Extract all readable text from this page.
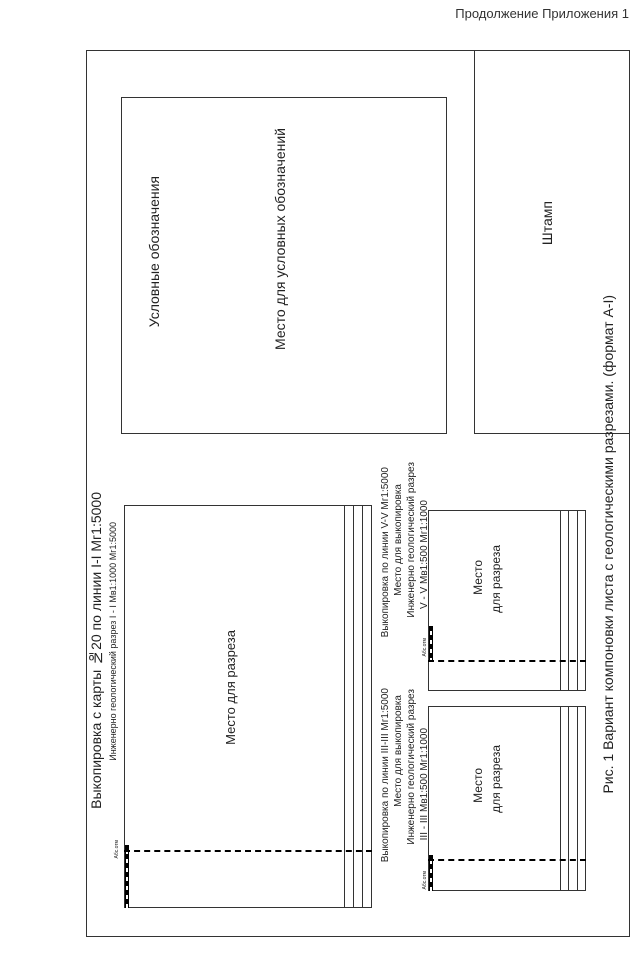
Продолжение Приложения 1
Штамп
Условные обозначения	Место для условных обозначений
Рис. 1 Вариант компоновки листа с геологическими разрезами. (формат А-I)
Выкопировка с карты №20 по линии I-I Mг1:5000 Инженерно геологический разрез I - I Mв1:1000 Mг1:5000
Абс.отм
Место для разреза
Выкопировка по линии III-III Mг1:5000 Место для выкопировка Инженерно геологический разрез III - III Mв1:500 Mг1:1000
Абс.отм
Место для разреза
Выкопировка по линии V-V Mг1:5000 Место для выкопировка Инженерно геологический разрез V - V Mв1:500 Mг1:1000
Абс.отм
Место для разреза
